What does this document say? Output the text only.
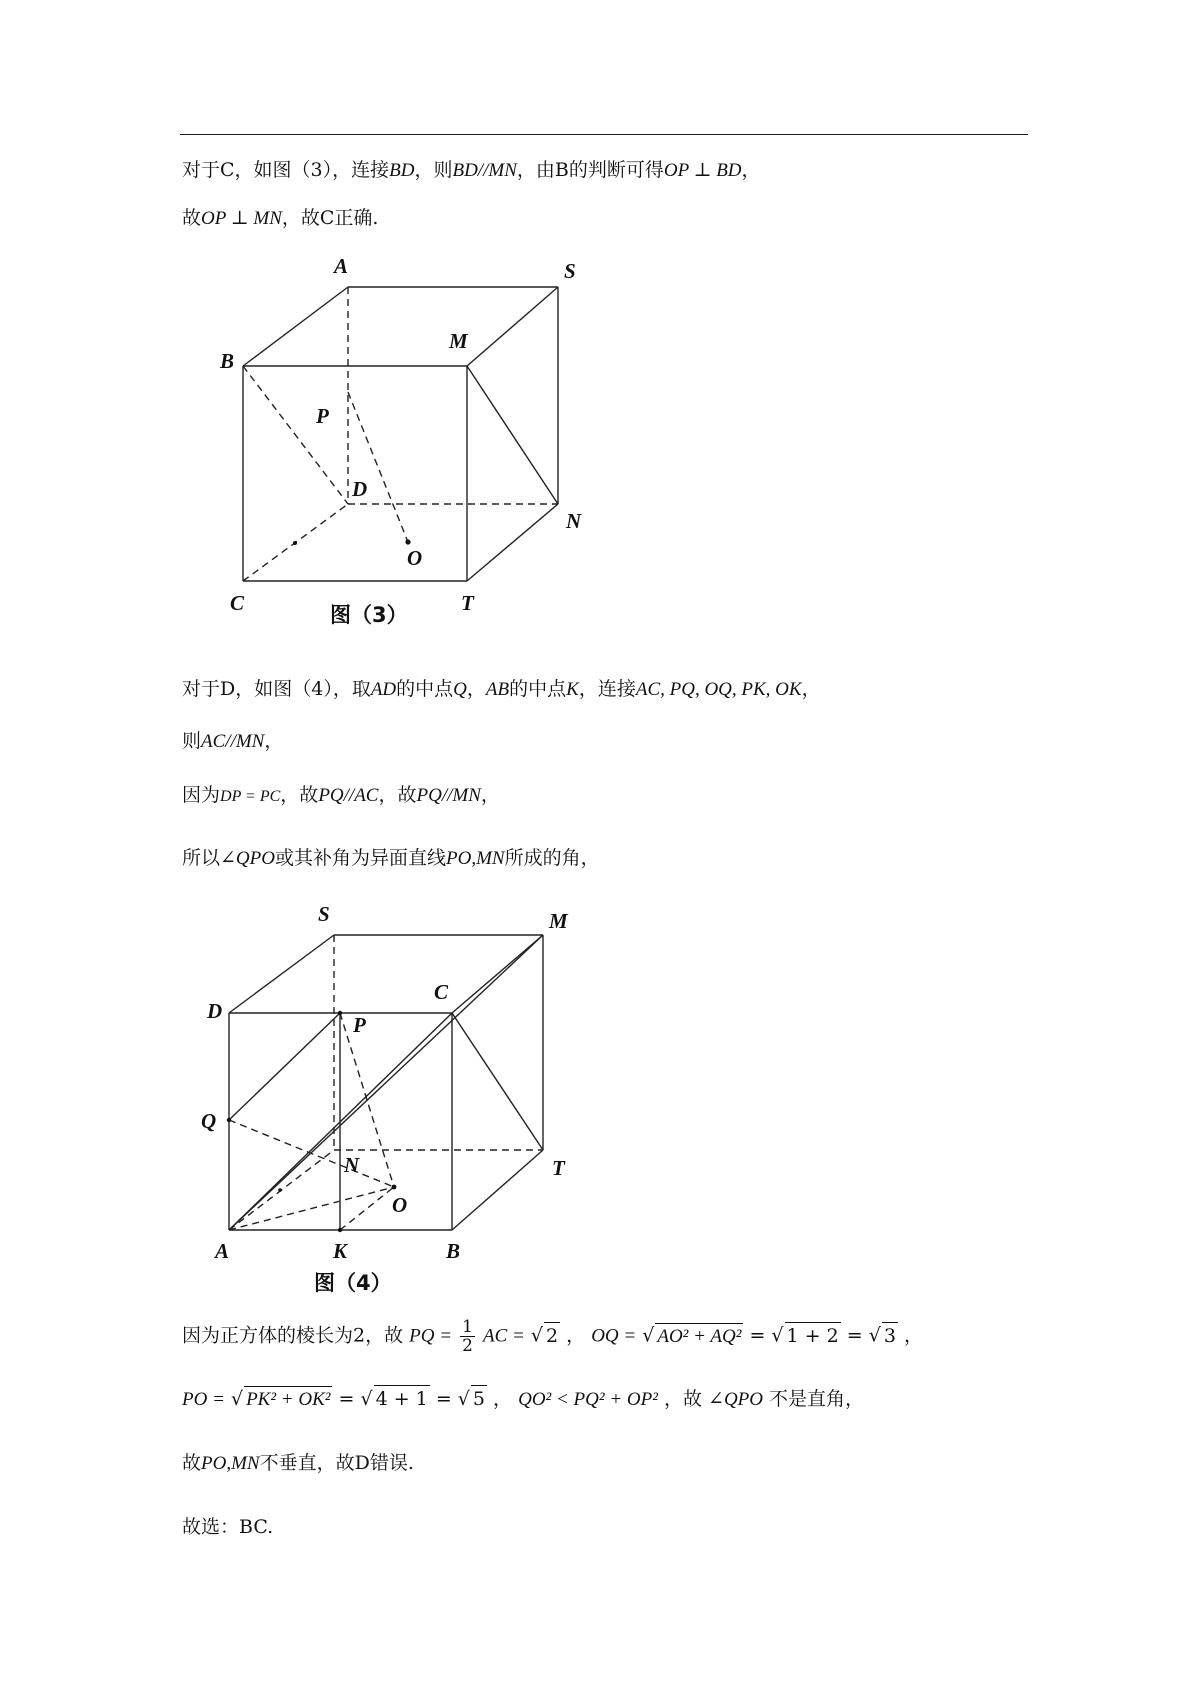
对于C，如图（3），连接BD，则BD//MN，由B的判断可得OP ⊥ BD，
故OP ⊥ MN，故C正确.
A	S
B
M
P
D
N
O
C	T
图（3）
对于D，如图（4），取AD的中点Q，AB的中点K，连接AC, PQ, OQ, PK, OK，
则AC//MN，
因为DP = PC，故PQ//AC，故PQ//MN，
所以∠QPO或其补角为异面直线PO,MN所成的角，
S	M
D
C
P
Q
N	T
O
A	K	B
图（4）
因为正方体的棱长为2，故 PQ = $\frac{1}{2}$ AC = √ 2 ， OQ = √ AO² + AQ² = √ 1 + 2 = √ 3 ，
PO = √ PK² + OK² = √ 4 + 1 = √ 5 ， QO² < PQ² + OP² ，故 ∠QPO 不是直角，
故PO,MN不垂直，故D错误.
故选：BC.
